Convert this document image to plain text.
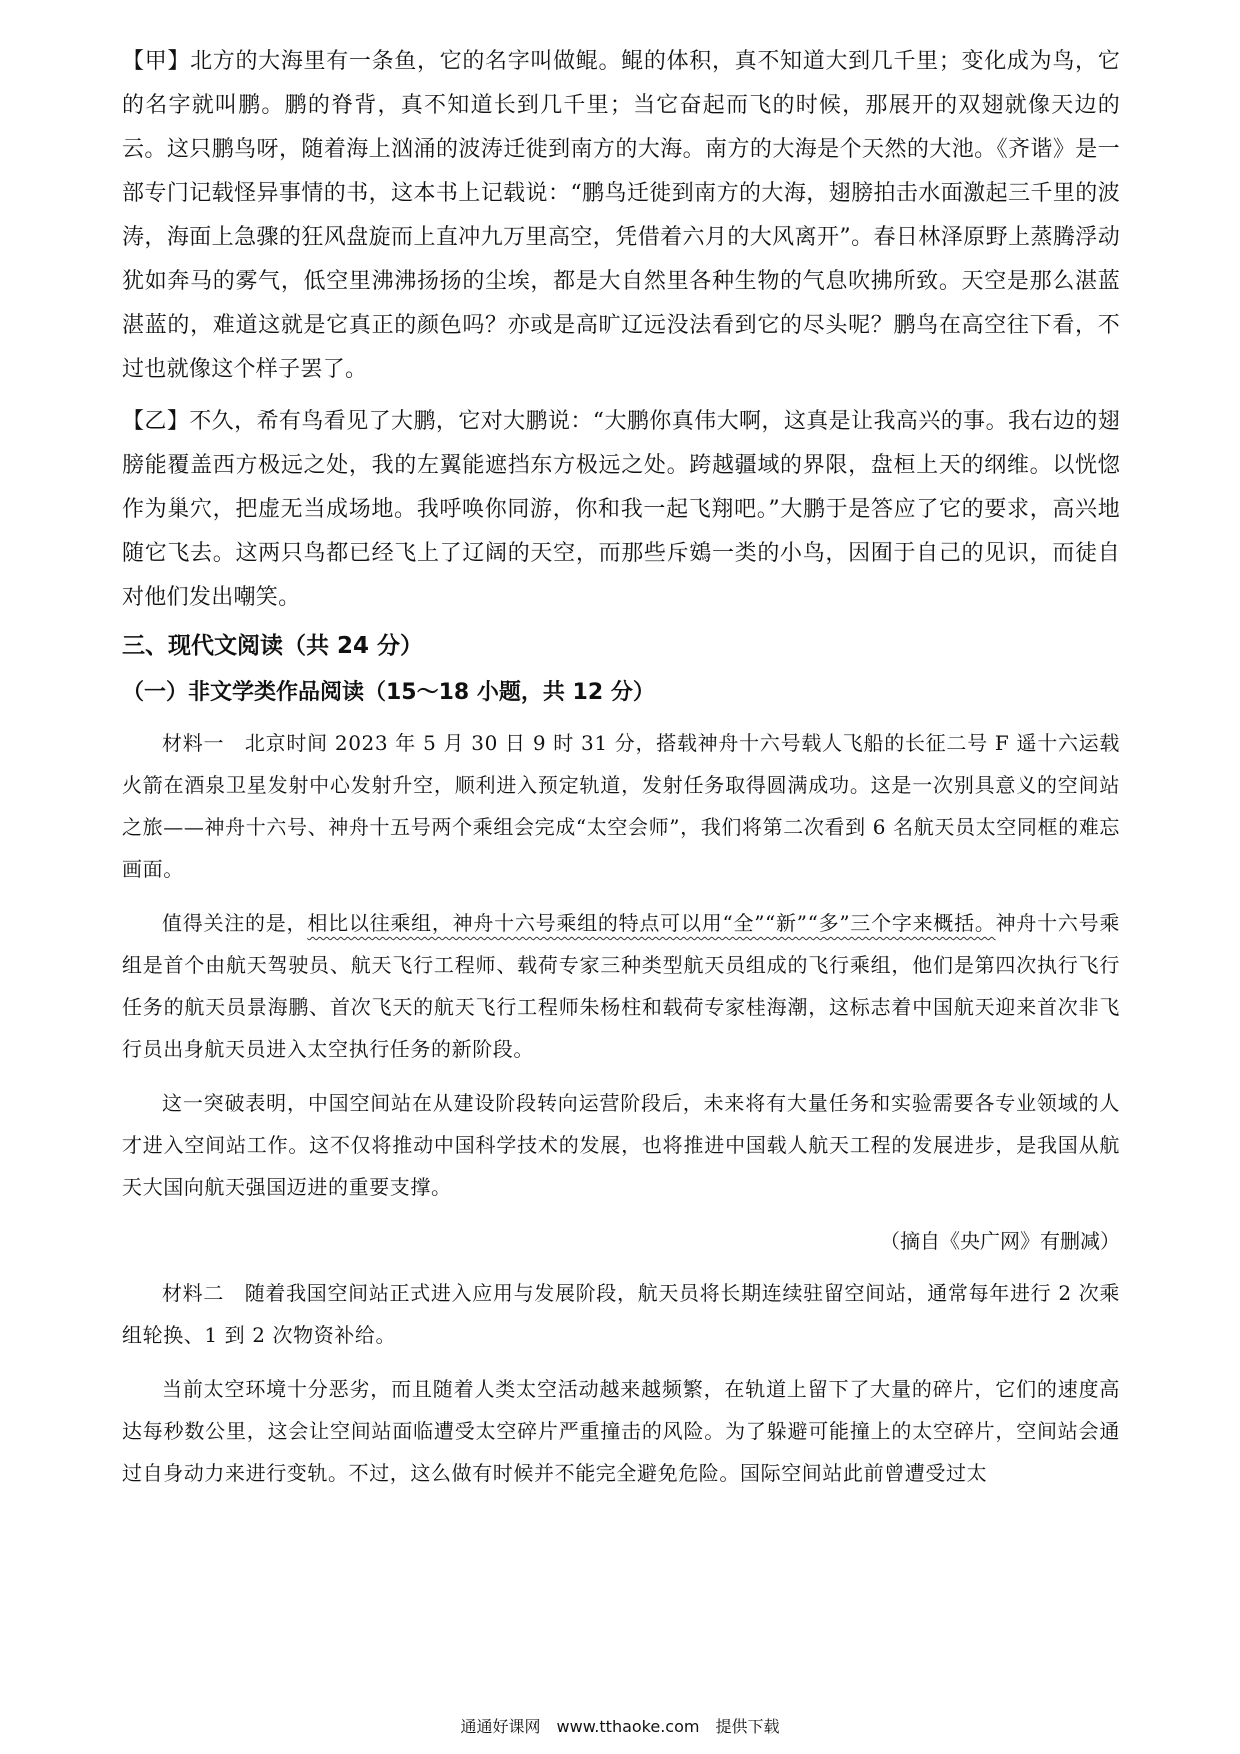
【甲】北方的大海里有一条鱼，它的名字叫做鲲。鲲的体积，真不知道大到几千里；变化成为鸟，它的名字就叫鹏。鹏的脊背，真不知道长到几千里；当它奋起而飞的时候，那展开的双翅就像天边的云。这只鹏鸟呀，随着海上汹涌的波涛迁徙到南方的大海。南方的大海是个天然的大池。《齐谐》是一部专门记载怪异事情的书，这本书上记载说：“鹏鸟迁徙到南方的大海，翅膀拍击水面激起三千里的波涛，海面上急骤的狂风盘旋而上直冲九万里高空，凭借着六月的大风离开”。春日林泽原野上蒸腾浮动犹如奔马的雾气，低空里沸沸扬扬的尘埃，都是大自然里各种生物的气息吹拂所致。天空是那么湛蓝湛蓝的，难道这就是它真正的颜色吗？亦或是高旷辽远没法看到它的尽头呢？鹏鸟在高空往下看，不过也就像这个样子罢了。

【乙】不久，希有鸟看见了大鹏，它对大鹏说：“大鹏你真伟大啊，这真是让我高兴的事。我右边的翅膀能覆盖西方极远之处，我的左翼能遮挡东方极远之处。跨越疆域的界限，盘桓上天的纲维。以恍惚作为巢穴，把虚无当成场地。我呼唤你同游，你和我一起飞翔吧。”大鹏于是答应了它的要求，高兴地随它飞去。这两只鸟都已经飞上了辽阔的天空，而那些斥鴳一类的小鸟，因囿于自己的见识，而徒自对他们发出嘲笑。

三、现代文阅读（共 24 分）
（一）非文学类作品阅读（15～18 小题，共 12 分）

材料一　北京时间 2023 年 5 月 30 日 9 时 31 分，搭载神舟十六号载人飞船的长征二号 F 遥十六运载火箭在酒泉卫星发射中心发射升空，顺利进入预定轨道，发射任务取得圆满成功。这是一次别具意义的空间站之旅——神舟十六号、神舟十五号两个乘组会完成“太空会师”，我们将第二次看到 6 名航天员太空同框的难忘画面。

值得关注的是，相比以往乘组，神舟十六号乘组的特点可以用“全”“新”“多”三个字来概括。神舟十六号乘组是首个由航天驾驶员、航天飞行工程师、载荷专家三种类型航天员组成的飞行乘组，他们是第四次执行飞行任务的航天员景海鹏、首次飞天的航天飞行工程师朱杨柱和载荷专家桂海潮，这标志着中国航天迎来首次非飞行员出身航天员进入太空执行任务的新阶段。

这一突破表明，中国空间站在从建设阶段转向运营阶段后，未来将有大量任务和实验需要各专业领域的人才进入空间站工作。这不仅将推动中国科学技术的发展，也将推进中国载人航天工程的发展进步，是我国从航天大国向航天强国迈进的重要支撑。

（摘自《央广网》有删减）

材料二　随着我国空间站正式进入应用与发展阶段，航天员将长期连续驻留空间站，通常每年进行 2 次乘组轮换、1 到 2 次物资补给。

当前太空环境十分恶劣，而且随着人类太空活动越来越频繁，在轨道上留下了大量的碎片，它们的速度高达每秒数公里，这会让空间站面临遭受太空碎片严重撞击的风险。为了躲避可能撞上的太空碎片，空间站会通过自身动力来进行变轨。不过，这么做有时候并不能完全避免危险。国际空间站此前曾遭受过太

通通好课网　www.tthaoke.com　提供下载
